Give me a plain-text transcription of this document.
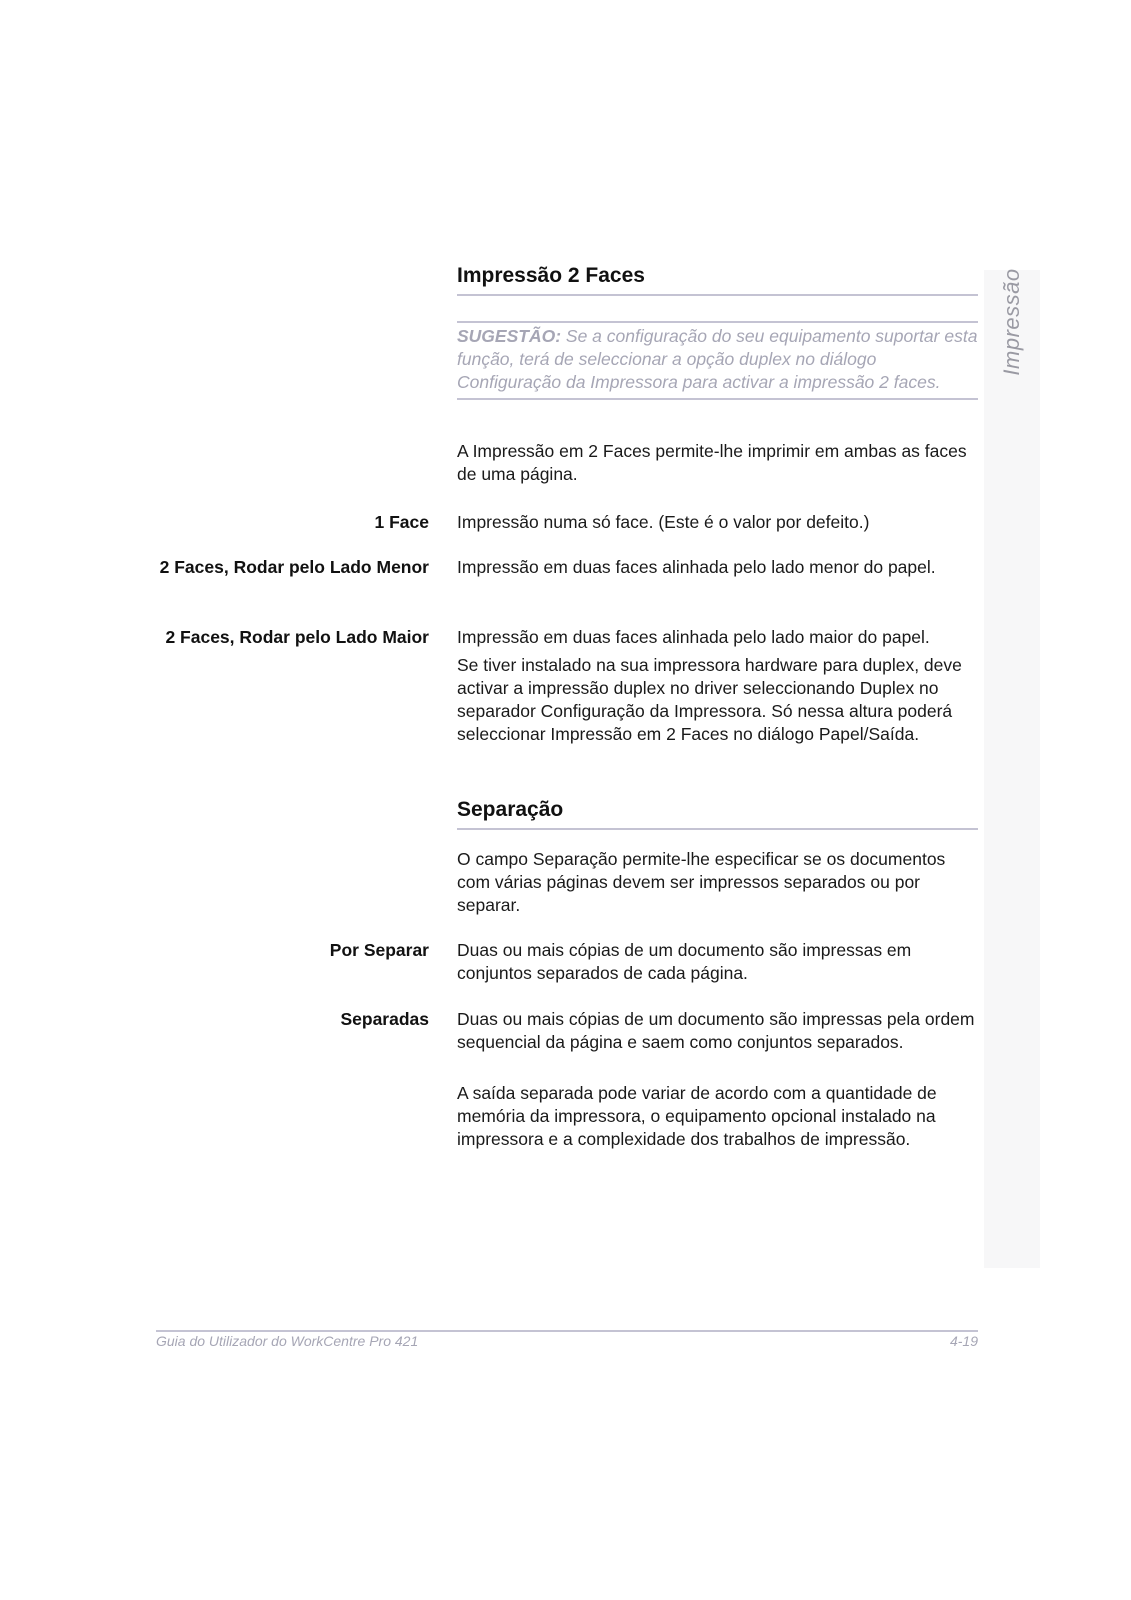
Impressão
Impressão 2 Faces
SUGESTÃO: Se a configuração do seu equipamento suportar esta função, terá de seleccionar a opção duplex no diálogo Configuração da Impressora para activar a impressão 2 faces.
A Impressão em 2 Faces permite-lhe imprimir em ambas as faces de uma página.
1 Face Impressão numa só face. (Este é o valor por defeito.)
2 Faces, Rodar pelo Lado Menor Impressão em duas faces alinhada pelo lado menor do papel.
2 Faces, Rodar pelo Lado Maior Impressão em duas faces alinhada pelo lado maior do papel.
Se tiver instalado na sua impressora hardware para duplex, deve activar a impressão duplex no driver seleccionando Duplex no separador Configuração da Impressora. Só nessa altura poderá seleccionar Impressão em 2 Faces no diálogo Papel/Saída.
Separação
O campo Separação permite-lhe especificar se os documentos com várias páginas devem ser impressos separados ou por separar.
Por Separar Duas ou mais cópias de um documento são impressas em conjuntos separados de cada página.
Separadas Duas ou mais cópias de um documento são impressas pela ordem sequencial da página e saem como conjuntos separados.
A saída separada pode variar de acordo com a quantidade de memória da impressora, o equipamento opcional instalado na impressora e a complexidade dos trabalhos de impressão.
Guia do Utilizador do WorkCentre Pro 421	4-19
